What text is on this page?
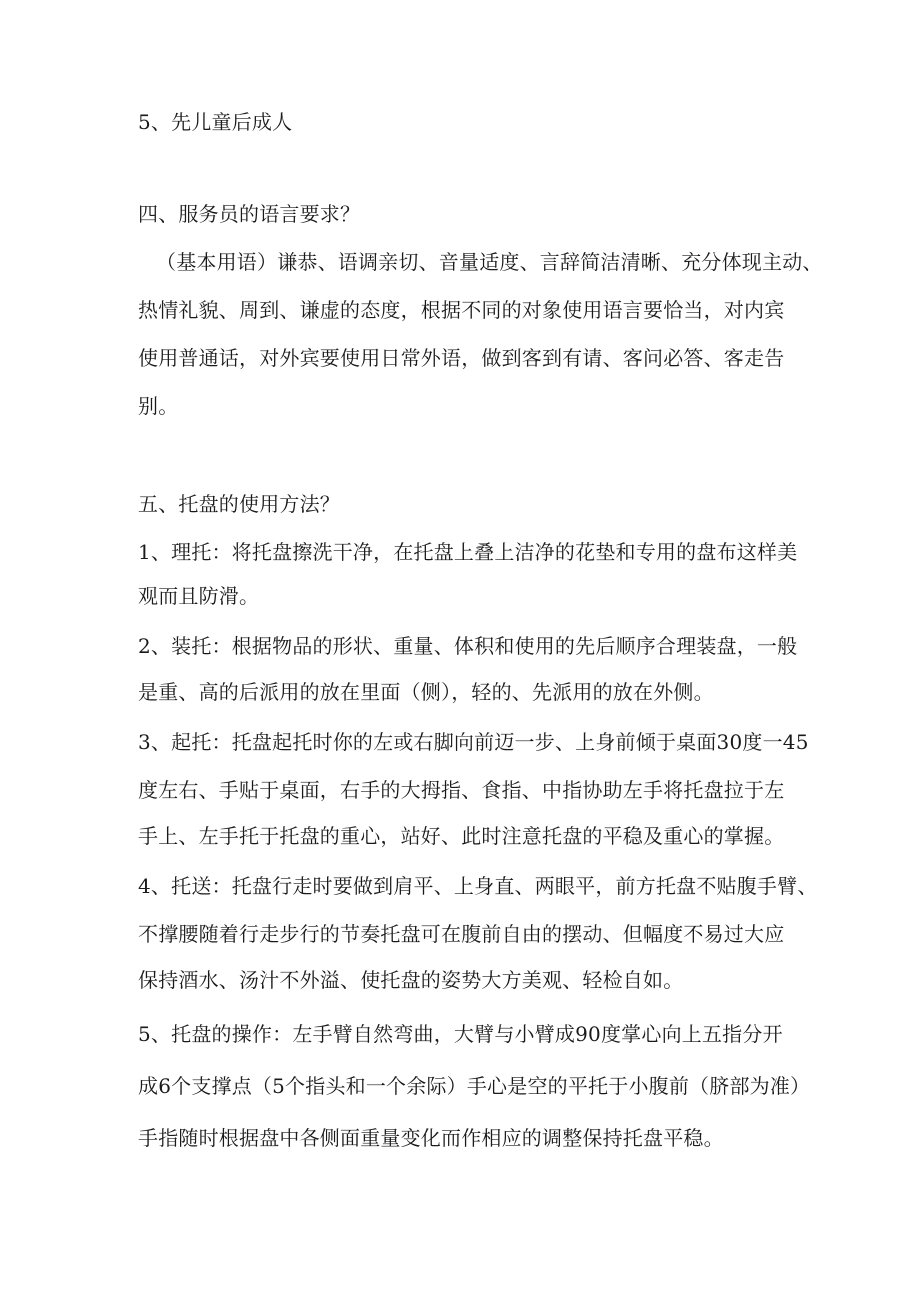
5、先儿童后成人
四、服务员的语言要求？
（基本用语）谦恭、语调亲切、音量适度、言辞简洁清晰、充分体现主动、
热情礼貌、周到、谦虚的态度，根据不同的对象使用语言要恰当，对内宾
使用普通话，对外宾要使用日常外语，做到客到有请、客问必答、客走告
别。
五、托盘的使用方法？
1、理托：将托盘擦洗干净，在托盘上叠上洁净的花垫和专用的盘布这样美
观而且防滑。
2、装托：根据物品的形状、重量、体积和使用的先后顺序合理装盘，一般
是重、高的后派用的放在里面（侧），轻的、先派用的放在外侧。
3、起托：托盘起托时你的左或右脚向前迈一步、上身前倾于桌面30度一45
度左右、手贴于桌面，右手的大拇指、食指、中指协助左手将托盘拉于左
手上、左手托于托盘的重心，站好、此时注意托盘的平稳及重心的掌握。
4、托送：托盘行走时要做到肩平、上身直、两眼平，前方托盘不贴腹手臂、
不撑腰随着行走步行的节奏托盘可在腹前自由的摆动、但幅度不易过大应
保持酒水、汤汁不外溢、使托盘的姿势大方美观、轻检自如。
5、托盘的操作：左手臂自然弯曲，大臂与小臂成90度掌心向上五指分开
成6个支撑点（5个指头和一个余际）手心是空的平托于小腹前（脐部为准）
手指随时根据盘中各侧面重量变化而作相应的调整保持托盘平稳。
